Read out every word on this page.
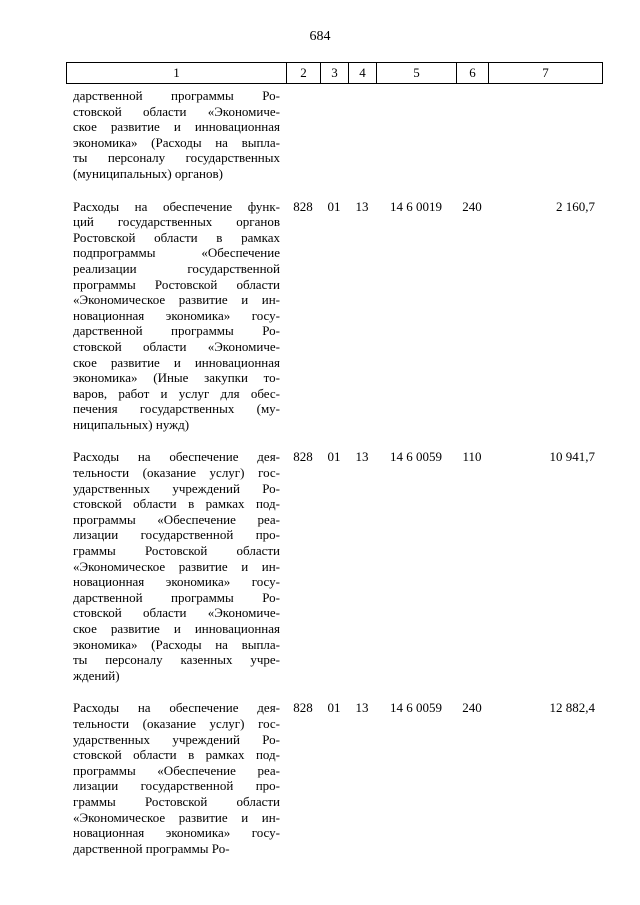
684
1	2	3	4	5	6	7
дарственной программы Ро-
стовской области «Экономиче-
ское развитие и инновационная
экономика» (Расходы на выпла-
ты персоналу государственных
(муниципальных) органов)
Расходы на обеспечение функ-
ций государственных органов
Ростовской области в рамках
подпрограммы «Обеспечение
реализации государственной
программы Ростовской области
«Экономическое развитие и ин-
новационная экономика» госу-
дарственной программы Ро-
стовской области «Экономиче-
ское развитие и инновационная
экономика» (Иные закупки то-
варов, работ и услуг для обес-
печения государственных (му-
ниципальных) нужд)
828	01	13	14 6 0019	240	2 160,7
Расходы на обеспечение дея-
тельности (оказание услуг) гос-
ударственных учреждений Ро-
стовской области в рамках под-
программы «Обеспечение реа-
лизации государственной про-
граммы Ростовской области
«Экономическое развитие и ин-
новационная экономика» госу-
дарственной программы Ро-
стовской области «Экономиче-
ское развитие и инновационная
экономика» (Расходы на выпла-
ты персоналу казенных учре-
ждений)
828	01	13	14 6 0059	110	10 941,7
Расходы на обеспечение дея-
тельности (оказание услуг) гос-
ударственных учреждений Ро-
стовской области в рамках под-
программы «Обеспечение реа-
лизации государственной про-
граммы Ростовской области
«Экономическое развитие и ин-
новационная экономика» госу-
дарственной программы Ро-
828	01	13	14 6 0059	240	12 882,4
